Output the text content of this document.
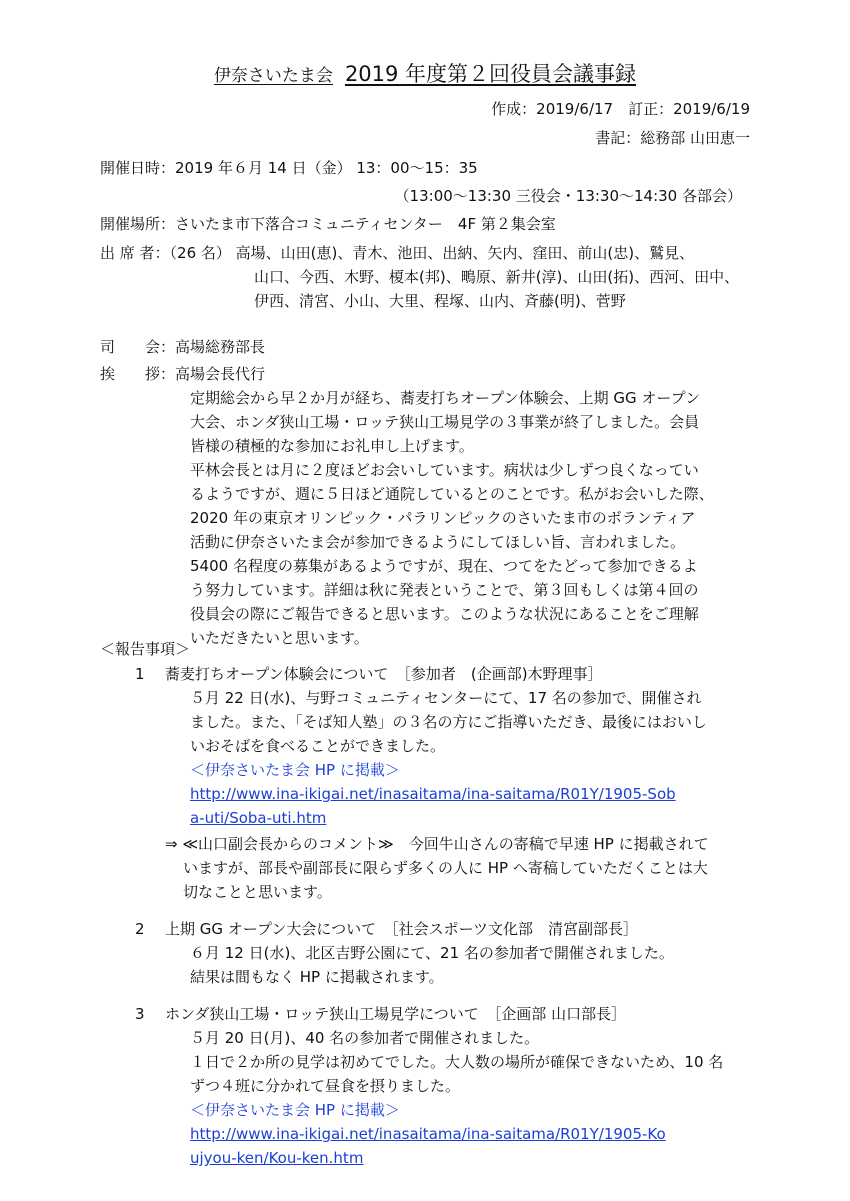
伊奈さいたま会 2019 年度第２回役員会議事録
作成：2019/6/17　訂正：2019/6/19
書記：総務部 山田恵一
開催日時：2019 年６月 14 日（金） 13：00～15：35
（13:00～13:30 三役会・13:30～14:30 各部会）
開催場所：さいたま市下落合コミュニティセンター　4F 第２集会室
出 席 者：（26 名） 高場、山田(恵)、青木、池田、出納、矢内、窪田、前山(忠)、鷲見、
山口、今西、木野、榎本(邦)、鴫原、新井(淳)、山田(拓)、西河、田中、
伊西、清宮、小山、大里、程塚、山内、斉藤(明)、菅野
司　　会：高場総務部長
挨　　拶：高場会長代行
定期総会から早２か月が経ち、蕎麦打ちオープン体験会、上期 GG オープン
大会、ホンダ狭山工場・ロッテ狭山工場見学の３事業が終了しました。会員
皆様の積極的な参加にお礼申し上げます。
平林会長とは月に２度ほどお会いしています。病状は少しずつ良くなってい
るようですが、週に５日ほど通院しているとのことです。私がお会いした際、
2020 年の東京オリンピック・パラリンピックのさいたま市のボランティア
活動に伊奈さいたま会が参加できるようにしてほしい旨、言われました。
5400 名程度の募集があるようですが、現在、つてをたどって参加できるよ
う努力しています。詳細は秋に発表ということで、第３回もしくは第４回の
役員会の際にご報告できると思います。このような状況にあることをご理解
いただきたいと思います。
＜報告事項＞
1 蕎麦打ちオープン体験会について　［参加者　(企画部)木野理事］
５月 22 日(水)、与野コミュニティセンターにて、17 名の参加で、開催され
ました。また、「そば知人塾」の３名の方にご指導いただき、最後にはおいし
いおそばを食べることができました。
＜伊奈さいたま会 HP に掲載＞
http://www.ina-ikigai.net/inasaitama/ina-saitama/R01Y/1905-Sob
a-uti/Soba-uti.htm
⇒ ≪山口副会長からのコメント≫　今回牛山さんの寄稿で早速 HP に掲載されて
いますが、部長や副部長に限らず多くの人に HP へ寄稿していただくことは大
切なことと思います。
2 上期 GG オープン大会について　［社会スポーツ文化部　清宮副部長］
６月 12 日(水)、北区吉野公園にて、21 名の参加者で開催されました。
結果は間もなく HP に掲載されます。
3 ホンダ狭山工場・ロッテ狭山工場見学について　［企画部 山口部長］
５月 20 日(月)、40 名の参加者で開催されました。
１日で２か所の見学は初めてでした。大人数の場所が確保できないため、10 名
ずつ４班に分かれて昼食を摂りました。
＜伊奈さいたま会 HP に掲載＞
http://www.ina-ikigai.net/inasaitama/ina-saitama/R01Y/1905-Ko
ujyou-ken/Kou-ken.htm
